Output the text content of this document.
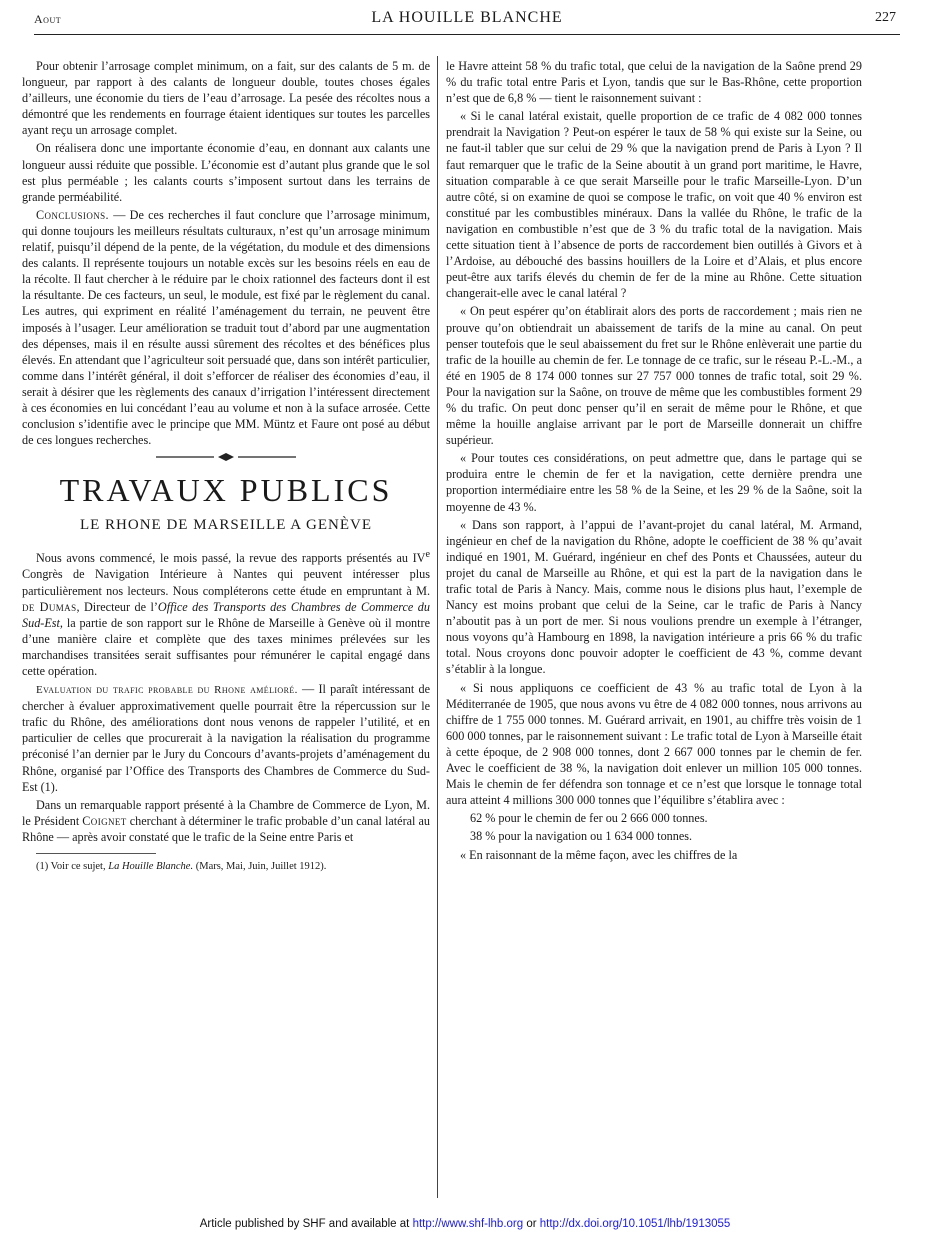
Aout	LA HOUILLE BLANCHE	227

Pour obtenir l’arrosage complet minimum, on a fait, sur des calants de 5 m. de longueur, par rapport à des calants de longueur double, toutes choses égales d’ailleurs, une économie du tiers de l’eau d’arrosage. La pesée des récoltes nous a démontré que les rendements en fourrage étaient identiques sur toutes les parcelles ayant reçu un arrosage complet.

On réalisera donc une importante économie d’eau, en donnant aux calants une longueur aussi réduite que possible. L’économie est d’autant plus grande que le sol est plus perméable ; les calants courts s’imposent surtout dans les terrains de grande perméabilité.

Conclusions. — De ces recherches il faut conclure que l’arrosage minimum, qui donne toujours les meilleurs résultats culturaux, n’est qu’un arrosage minimum relatif, puisqu’il dépend de la pente, de la végétation, du module et des dimensions des calants. Il représente toujours un notable excès sur les besoins réels en eau de la récolte. Il faut chercher à le réduire par le choix rationnel des facteurs dont il est la résultante. De ces facteurs, un seul, le module, est fixé par le règlement du canal. Les autres, qui expriment en réalité l’aménagement du terrain, ne peuvent être imposés à l’usager. Leur amélioration se traduit tout d’abord par une augmentation des dépenses, mais il en résulte aussi sûrement des récoltes et des bénéfices plus élevés. En attendant que l’agriculteur soit persuadé que, dans son intérêt particulier, comme dans l’intérêt général, il doit s’efforcer de réaliser des économies d’eau, il serait à désirer que les règlements des canaux d’irrigation l’intéressent directement à ces économies en lui concédant l’eau au volume et non à la suface arrosée. Cette conclusion s’identifie avec le principe que MM. Müntz et Faure ont posé au début de ces longues recherches.

TRAVAUX PUBLICS
LE RHONE DE MARSEILLE A GENÈVE

Nous avons commencé, le mois passé, la revue des rapports présentés au IVe Congrès de Navigation Intérieure à Nantes qui peuvent intéresser plus particulièrement nos lecteurs. Nous compléterons cette étude en empruntant à M. de Dumas, Directeur de l’Office des Transports des Chambres de Commerce du Sud-Est, la partie de son rapport sur le Rhône de Marseille à Genève où il montre d’une manière claire et complète que des taxes minimes prélevées sur les marchandises transitées serait suffisantes pour rémunérer le capital engagé dans cette opération.

Evaluation du trafic probable du Rhone amélioré. — Il paraît intéressant de chercher à évaluer approximativement quelle pourrait être la répercussion sur le trafic du Rhône, des améliorations dont nous venons de rappeler l’utilité, et en particulier de celles que procurerait à la navigation la réalisation du programme préconisé l’an dernier par le Jury du Concours d’avants-projets d’aménagement du Rhône, organisé par l’Office des Transports des Chambres de Commerce du Sud-Est (1).

Dans un remarquable rapport présenté à la Chambre de Commerce de Lyon, M. le Président Coignet cherchant à déterminer le trafic probable d’un canal latéral au Rhône — après avoir constaté que le trafic de la Seine entre Paris et

(1) Voir ce sujet, La Houille Blanche. (Mars, Mai, Juin, Juillet 1912).

le Havre atteint 58 % du trafic total, que celui de la navigation de la Saône prend 29 % du trafic total entre Paris et Lyon, tandis que sur le Bas-Rhône, cette proportion n’est que de 6,8 % — tient le raisonnement suivant :

« Si le canal latéral existait, quelle proportion de ce trafic de 4 082 000 tonnes prendrait la Navigation ? Peut-on espérer le taux de 58 % qui existe sur la Seine, ou ne faut-il tabler que sur celui de 29 % que la navigation prend de Paris à Lyon ? Il faut remarquer que le trafic de la Seine aboutit à un grand port maritime, le Havre, situation comparable à ce que serait Marseille pour le trafic Marseille-Lyon. D’un autre côté, si on examine de quoi se compose le trafic, on voit que 40 % environ est constitué par les combustibles minéraux. Dans la vallée du Rhône, le trafic de la navigation en combustible n’est que de 3 % du trafic total de la navigation. Mais cette situation tient à l’absence de ports de raccordement bien outillés à Givors et à l’Ardoise, au débouché des bassins houillers de la Loire et d’Alais, et plus encore peut-être aux tarifs élevés du chemin de fer de la mine au Rhône. Cette situation changerait-elle avec le canal latéral ?

« On peut espérer qu’on établirait alors des ports de raccordement ; mais rien ne prouve qu’on obtiendrait un abaissement de tarifs de la mine au canal. On peut penser toutefois que le seul abaissement du fret sur le Rhône enlèverait une partie du trafic de la houille au chemin de fer. Le tonnage de ce trafic, sur le réseau P.-L.-M., a été en 1905 de 8 174 000 tonnes sur 27 757 000 tonnes de trafic total, soit 29 %. Pour la navigation sur la Saône, on trouve de même que les combustibles forment 29 % du trafic. On peut donc penser qu’il en serait de même pour le Rhône, et que même la houille anglaise arrivant par le port de Marseille donnerait un chiffre supérieur.

« Pour toutes ces considérations, on peut admettre que, dans le partage qui se produira entre le chemin de fer et la navigation, cette dernière prendra une proportion intermédiaire entre les 58 % de la Seine, et les 29 % de la Saône, soit la moyenne de 43 %.

« Dans son rapport, à l’appui de l’avant-projet du canal latéral, M. Armand, ingénieur en chef de la navigation du Rhône, adopte le coefficient de 38 % qu’avait indiqué en 1901, M. Guérard, ingénieur en chef des Ponts et Chaussées, auteur du projet du canal de Marseille au Rhône, et qui est la part de la navigation dans le trafic total de Paris à Nancy. Mais, comme nous le disions plus haut, l’exemple de Nancy est moins probant que celui de la Seine, car le trafic de Paris à Nancy n’aboutit pas à un port de mer. Si nous voulions prendre un exemple à l’étranger, nous voyons qu’à Hambourg en 1898, la navigation intérieure a pris 66 % du trafic total. Nous croyons donc pouvoir adopter le coefficient de 43 %, comme devant s’établir à la longue.

« Si nous appliquons ce coefficient de 43 % au trafic total de Lyon à la Méditerranée de 1905, que nous avons vu être de 4 082 000 tonnes, nous arrivons au chiffre de 1 755 000 tonnes. M. Guérard arrivait, en 1901, au chiffre très voisin de 1 600 000 tonnes, par le raisonnement suivant : Le trafic total de Lyon à Marseille était à cette époque, de 2 908 000 tonnes, dont 2 667 000 tonnes par le chemin de fer. Avec le coefficient de 38 %, la navigation doit enlever un million 105 000 tonnes. Mais le chemin de fer défendra son tonnage et ce n’est que lorsque le tonnage total aura atteint 4 millions 300 000 tonnes que l’équilibre s’établira avec :

62 % pour le chemin de fer ou 2 666 000 tonnes.

38 % pour la navigation ou 1 634 000 tonnes.

« En raisonnant de la même façon, avec les chiffres de la

Article published by SHF and available at http://www.shf-lhb.org or http://dx.doi.org/10.1051/lhb/1913055
